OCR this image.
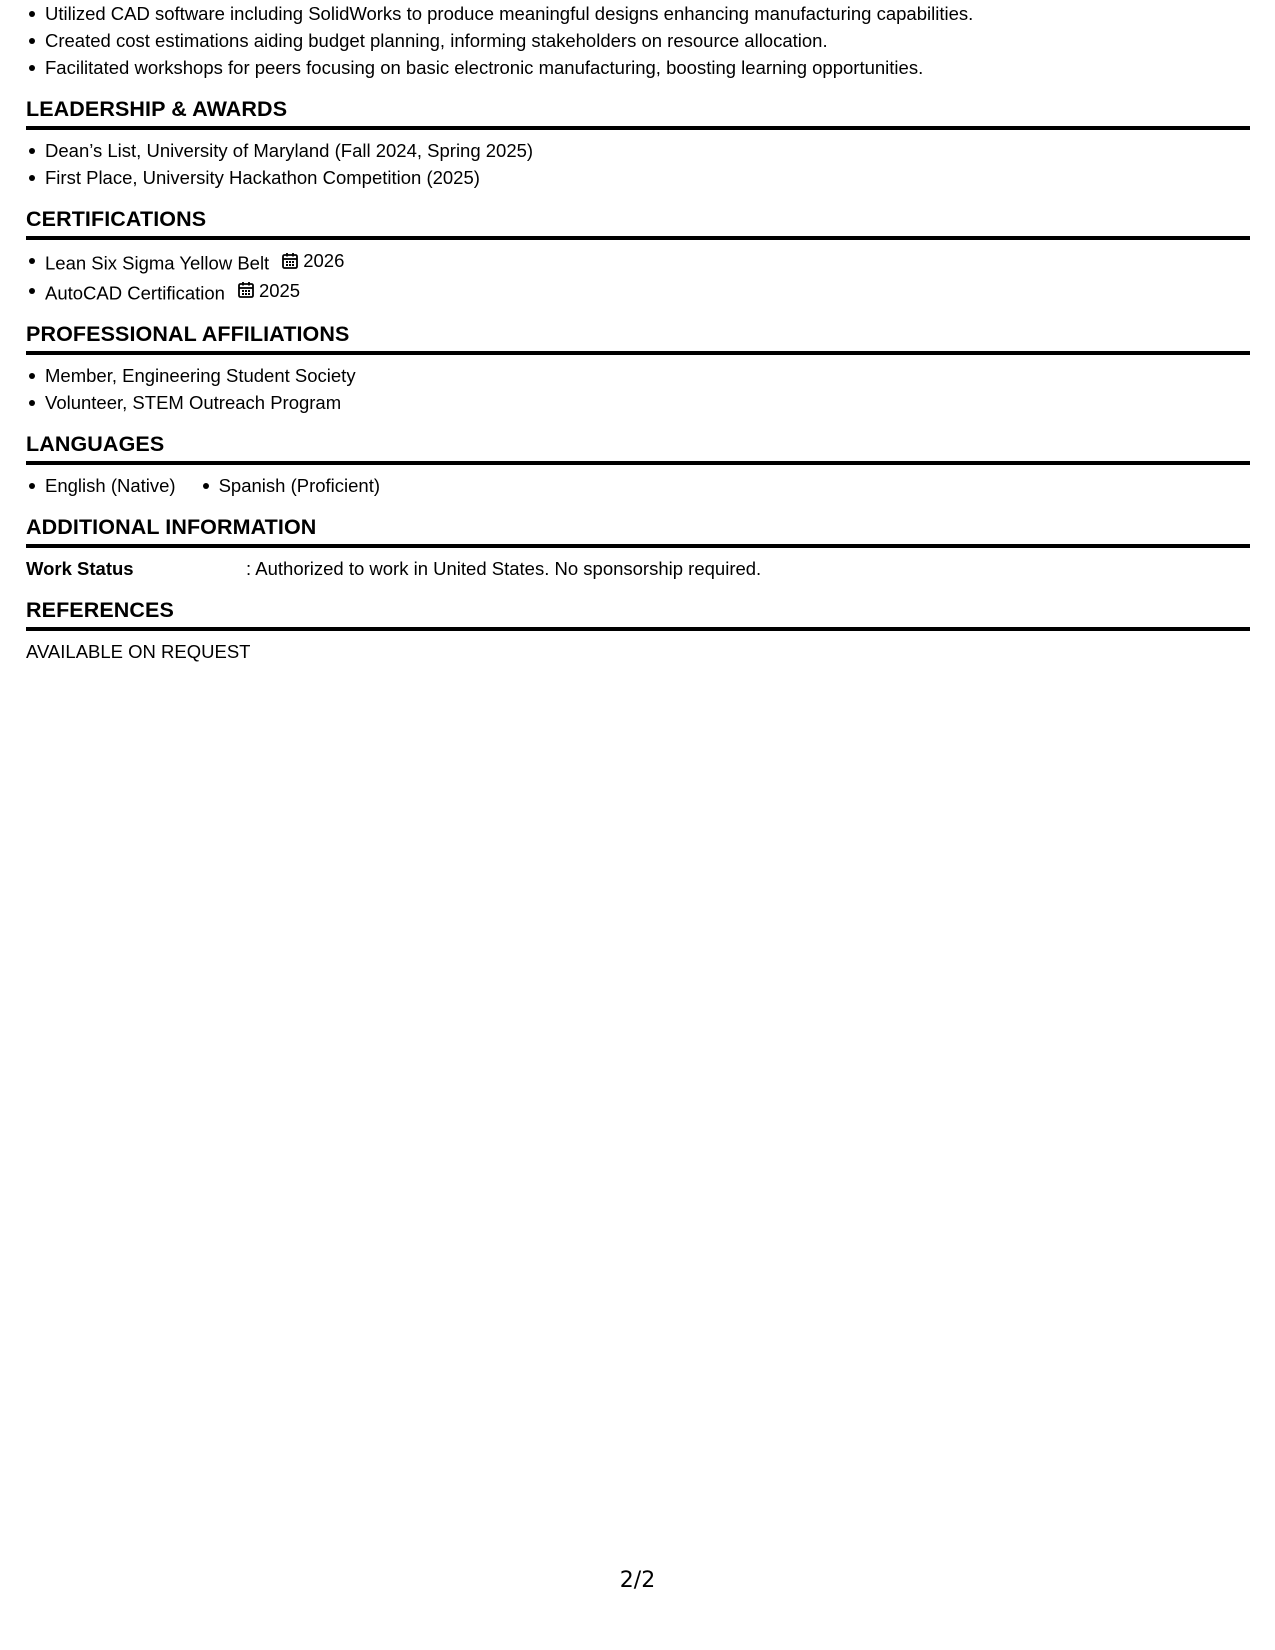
Utilized CAD software including SolidWorks to produce meaningful designs enhancing manufacturing capabilities.
Created cost estimations aiding budget planning, informing stakeholders on resource allocation.
Facilitated workshops for peers focusing on basic electronic manufacturing, boosting learning opportunities.
LEADERSHIP & AWARDS
Dean’s List, University of Maryland (Fall 2024, Spring 2025)
First Place, University Hackathon Competition (2025)
CERTIFICATIONS
Lean Six Sigma Yellow Belt 2026
AutoCAD Certification 2025
PROFESSIONAL AFFILIATIONS
Member, Engineering Student Society
Volunteer, STEM Outreach Program
LANGUAGES
English (Native)	Spanish (Proficient)
ADDITIONAL INFORMATION
Work Status	: Authorized to work in United States. No sponsorship required.
REFERENCES
AVAILABLE ON REQUEST
2/2
